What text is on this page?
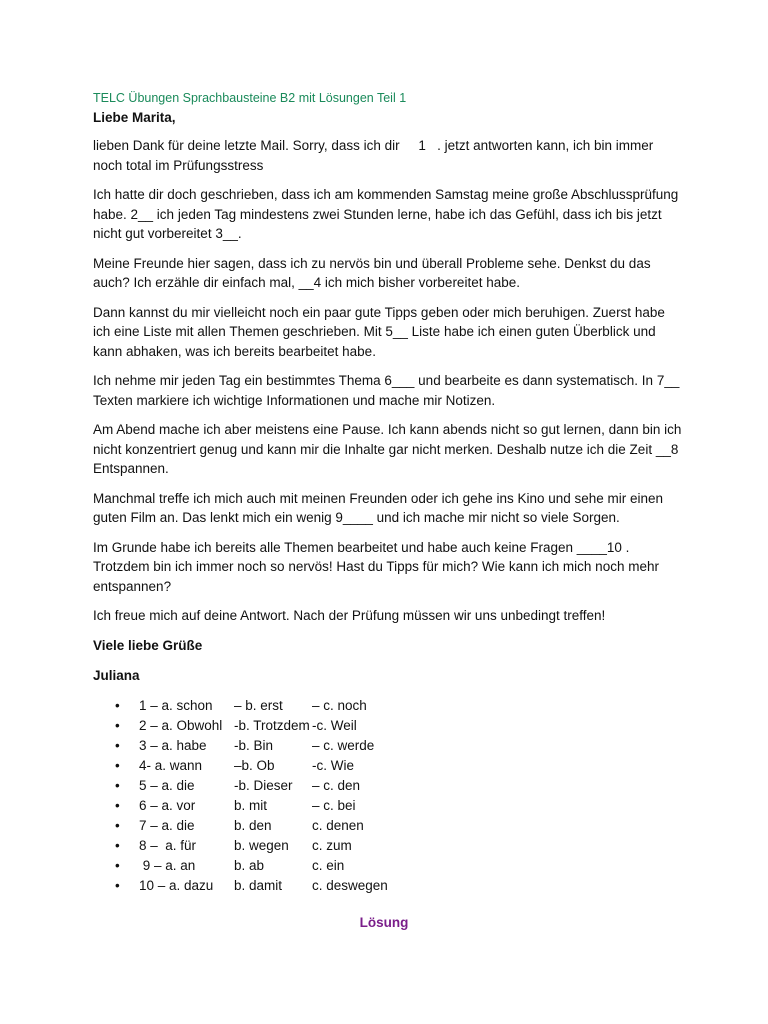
TELC Übungen Sprachbausteine B2 mit Lösungen Teil 1

Liebe Marita,

lieben Dank für deine letzte Mail. Sorry, dass ich dir     1   . jetzt antworten kann, ich bin immer noch total im Prüfungsstress

Ich hatte dir doch geschrieben, dass ich am kommenden Samstag meine große Abschlussprüfung habe. 2__ ich jeden Tag mindestens zwei Stunden lerne, habe ich das Gefühl, dass ich bis jetzt nicht gut vorbereitet 3__.

Meine Freunde hier sagen, dass ich zu nervös bin und überall Probleme sehe. Denkst du das auch? Ich erzähle dir einfach mal, __4 ich mich bisher vorbereitet habe.

Dann kannst du mir vielleicht noch ein paar gute Tipps geben oder mich beruhigen. Zuerst habe ich eine Liste mit allen Themen geschrieben. Mit 5__ Liste habe ich einen guten Überblick und kann abhaken, was ich bereits bearbeitet habe.

Ich nehme mir jeden Tag ein bestimmtes Thema 6___ und bearbeite es dann systematisch. In 7__ Texten markiere ich wichtige Informationen und mache mir Notizen.

Am Abend mache ich aber meistens eine Pause. Ich kann abends nicht so gut lernen, dann bin ich nicht konzentriert genug und kann mir die Inhalte gar nicht merken. Deshalb nutze ich die Zeit __8 Entspannen.

Manchmal treffe ich mich auch mit meinen Freunden oder ich gehe ins Kino und sehe mir einen guten Film an. Das lenkt mich ein wenig 9____ und ich mache mir nicht so viele Sorgen.

Im Grunde habe ich bereits alle Themen bearbeitet und habe auch keine Fragen ____10 . Trotzdem bin ich immer noch so nervös! Hast du Tipps für mich? Wie kann ich mich noch mehr entspannen?

Ich freue mich auf deine Antwort. Nach der Prüfung müssen wir uns unbedingt treffen!

Viele liebe Grüße

Juliana

• 1 – a. schon – b. erst – c. noch
• 2 – a. Obwohl -b. Trotzdem -c. Weil
• 3 – a. habe -b. Bin	– c. werde
• 4- a. wann –b. Ob	-c. Wie
• 5 – a. die	-b. Dieser – c. den
• 6 – a. vor	b. mit	– c. bei
• 7 – a. die	b. den	c. denen
• 8 –  a. für	b. wegen c. zum
• 9 – a. an	b. ab	c. ein
• 10 – a. dazu b. damit c. deswegen
Lösung
